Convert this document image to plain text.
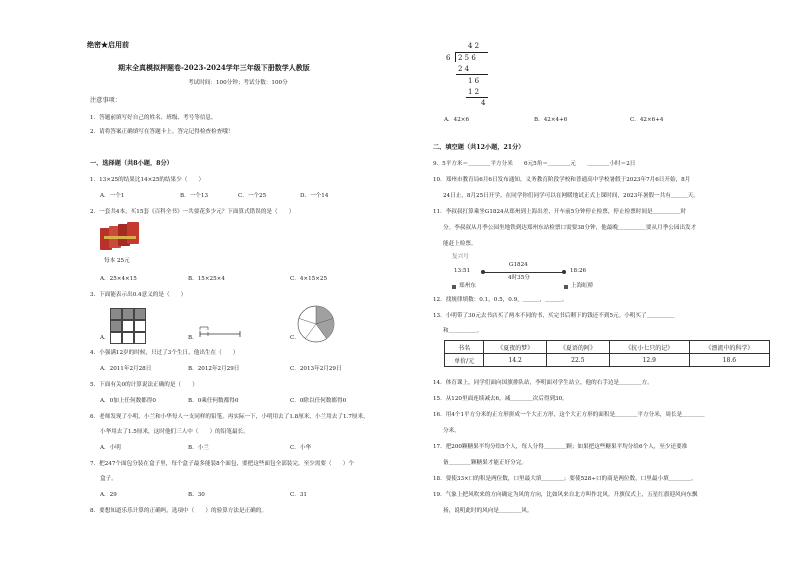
绝密★启用前
期末全真模拟押题卷-2023-2024学年三年级下册数学人教版
考试时间：100分钟；考试分数：100分
注意事项：
1．答题前填写好自己的姓名、班级、考号等信息。
2．请将答案正确填写在答题卡上。答完记得检查检查哦！
一、选择题（共8小题，8分）
1．13×25的结果比14×25的结果少（　　）
A．一个1	B．一个13	C．一个25	D．一个14
2．一套共4本，买15套《百科全书》一共要花多少元？下面算式错误的是（　　）
每本 25元
A．25×4×15	B．15×25×4	C．4×15×25
3．下面能表示出0.4意义的是（　　）
A．	B．	C．
4．小强满12岁的时候，只过了3个生日，他出生在（　　）
A．2011年2月28日	B．2012年2月29日	C．2013年2月29日
5．下面有关0的计算说法正确的是（　　）
A．0加上任何数都得0	B．0乘任何数都得0	C．0除以任何数都得0
6．老师发现了小明，小兰和小华每人一支同样的铅笔。再实际一下，小明用去了1.8厘米，小兰用去了1.7厘米，
小华用去了1.5厘米，这时他们三人中（　　）的铅笔最长。
A．小明	B．小兰	C．小华
7．把247个面包分装在盒子里，每个盒子最多能装8个面包，要把这些面包全部装完，至少需要（　　）个
盒子。
A．29	B．30	C．31
8．要想知道乐乐计算的正确吗，选项中（　　）的验算方法是正确的。
4 2
6 2 5 6
2 4
1 6
1 2
4
A．42×6	B．42×4+6	C．42×6+4
二、填空题（共12小题，21分）
9．5平方米＝＿＿＿＿平方分米　　6元5角＝＿＿＿＿元　　＿＿＿＿小时＝2日
10．郑州市教育局6月6日发布通知，义务教育阶段学校和普通高中学校暑假于2023年7月6日开始，8月
24日止，8月25日开学。在同学你们同学可以在网暖地试正式上课时间，2023年暑假一共有＿＿＿天。
11．李叔叔打算乘坐G1824从郑州到上海出差，开车前5分钟停止检票，停止检票时间是＿＿＿＿＿时
分。李叔叔从月季公园坐地铁到达郑州东站检票口需要38分钟，他最晚＿＿＿＿＿要从月季公园出发才
能赶上检票。
复兴号
G1824
13:51	18:26
4时35分
郑州东	上海虹桥
12．找规律填数：0.1，0.5，0.9，＿＿＿，＿＿＿。
13．小明带了30元去书店买了两本不同的书，买完书后剩下的钱还不到5元。小明买了＿＿＿＿＿
和＿＿＿＿＿。
书名	《夏夜的梦》	《夏语的阿》	《抗小七只的记》	《漂流中的科学》
单价/元	14.2	22.5	12.9	18.6
14．体育课上，同学们面向国旗排队站，李明面对学生站立，他的右手边是＿＿＿＿方。
15．从120里面连续减去6，减＿＿＿＿次后得到30。
16．用4个1平方分米的正方形拼成一个大正方形，这个大正方形的面积是＿＿＿＿平方分米，周长是＿＿＿＿
分米。
17．把200颗糖果平均分给5个人，每人分得＿＿＿＿颗；如果把这些糖果平均分给6个人，至少还要准
备＿＿＿＿颗糖果才能正好分完。
18．要使33×口的积是两位数，口里最大填＿＿＿＿；要使528÷口的商是两位数，口里最小填＿＿＿＿。
19．气象上把风吹来的方向确定为风的方向，比如风来自北方叫作北风。升旗仪式上，五星红旗迎风向东飘
扬，说明此时的风向是＿＿＿＿风。
